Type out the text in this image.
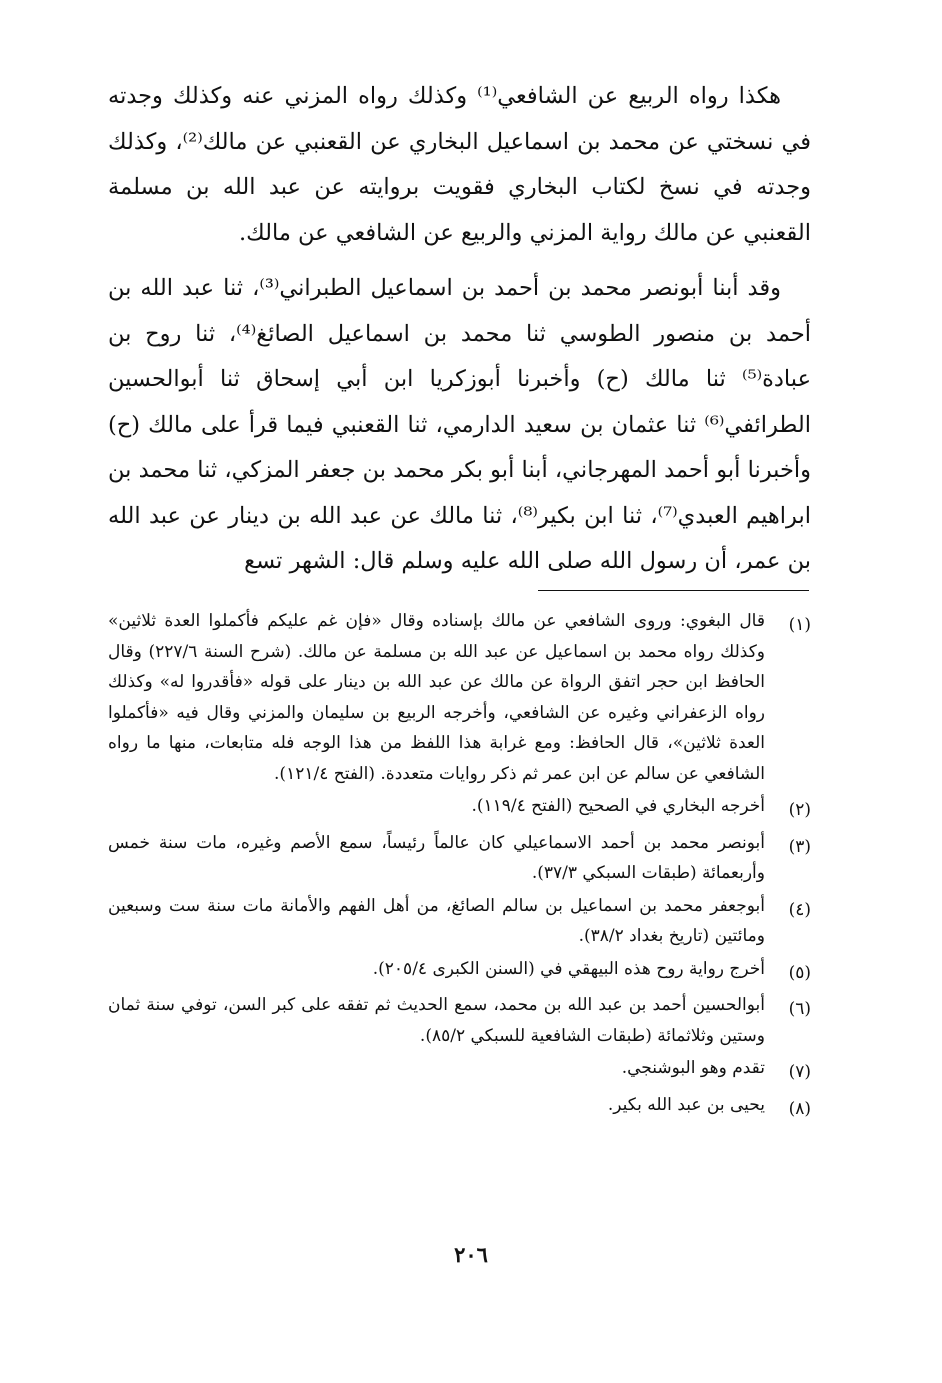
هكذا رواه الربيع عن الشافعي⁽¹⁾ وكذلك رواه المزني عنه وكذلك وجدته في نسختي عن محمد بن اسماعيل البخاري عن القعنبي عن مالك⁽²⁾، وكذلك وجدته في نسخ لكتاب البخاري فقويت بروايته عن عبد الله بن مسلمة القعنبي عن مالك رواية المزني والربيع عن الشافعي عن مالك.

وقد أبنا أبونصر محمد بن أحمد بن اسماعيل الطبراني⁽³⁾، ثنا عبد الله بن أحمد بن منصور الطوسي ثنا محمد بن اسماعيل الصائغ⁽⁴⁾، ثنا روح بن عبادة⁽⁵⁾ ثنا مالك (ح) وأخبرنا أبوزكريا ابن أبي إسحاق ثنا أبوالحسين الطرائفي⁽⁶⁾ ثنا عثمان بن سعيد الدارمي، ثنا القعنبي فيما قرأ على مالك (ح) وأخبرنا أبو أحمد المهرجاني، أبنا أبو بكر محمد بن جعفر المزكي، ثنا محمد بن ابراهيم العبدي⁽⁷⁾، ثنا ابن بكير⁽⁸⁾، ثنا مالك عن عبد الله بن دينار عن عبد الله بن عمر، أن رسول الله صلى الله عليه وسلم قال: الشهر تسع

(١)
قال البغوي: وروى الشافعي عن مالك بإسناده وقال «فإن غم عليكم فأكملوا العدة ثلاثين» وكذلك رواه محمد بن اسماعيل عن عبد الله بن مسلمة عن مالك. (شرح السنة ٢٢٧/٦) وقال الحافظ ابن حجر اتفق الرواة عن مالك عن عبد الله بن دينار على قوله «فأقدروا له» وكذلك رواه الزعفراني وغيره عن الشافعي، وأخرجه الربيع بن سليمان والمزني وقال فيه «فأكملوا العدة ثلاثين»، قال الحافظ: ومع غرابة هذا اللفظ من هذا الوجه فله متابعات، منها ما رواه الشافعي عن سالم عن ابن عمر ثم ذكر روايات متعددة. (الفتح ١٢١/٤).
(٢)
أخرجه البخاري في الصحيح (الفتح ١١٩/٤).
(٣)
أبونصر محمد بن أحمد الاسماعيلي كان عالماً رئيساً، سمع الأصم وغيره، مات سنة خمس وأربعمائة (طبقات السبكي ٣٧/٣).
(٤)
أبوجعفر محمد بن اسماعيل بن سالم الصائغ، من أهل الفهم والأمانة مات سنة ست وسبعين ومائتين (تاريخ بغداد ٣٨/٢).
(٥)
أخرج رواية روح هذه البيهقي في (السنن الكبرى ٢٠٥/٤).
(٦)
أبوالحسين أحمد بن عبد الله بن محمد، سمع الحديث ثم تفقه على كبر السن، توفي سنة ثمان وستين وثلاثمائة (طبقات الشافعية للسبكي ٨٥/٢).
(٧)
تقدم وهو البوشنجي.
(٨)
يحيى بن عبد الله بكير.
٢٠٦
